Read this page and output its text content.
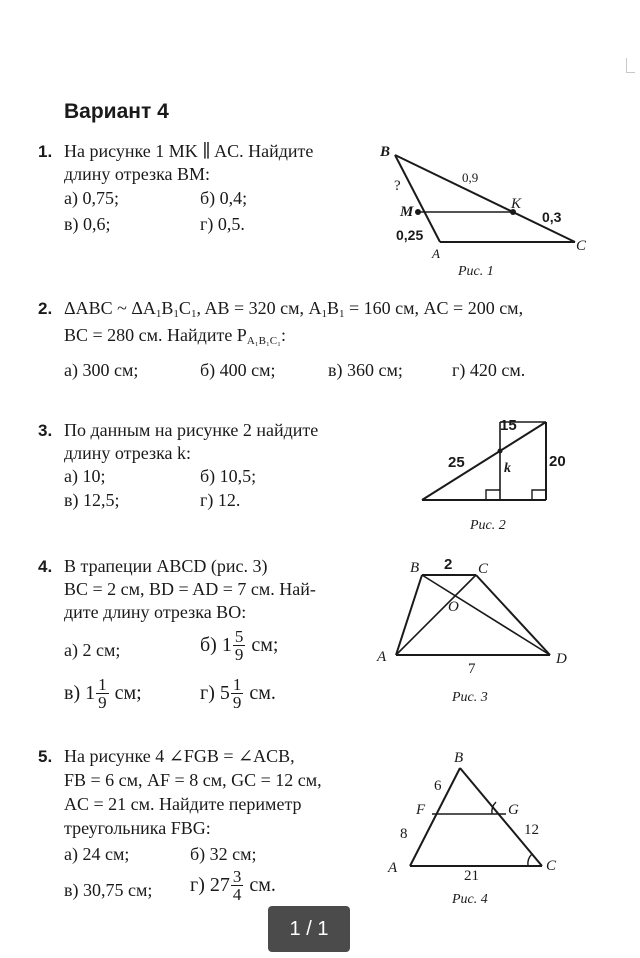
Вариант 4
1. На рисунке 1 MK ∥ AC. Найдите
длину отрезка BM:
а) 0,75;	б) 0,4;
в) 0,6;	г) 0,5.
B
?
M
0,25
A
0,9
K
0,3
C
Рис. 1
2. ΔABC ~ $\Delta A_1B_1C_1$, AB = 320 см, $A_1B_1 = 160$ см, AC = 200 см,
BC = 280 см. Найдите $P_{A_1B_1C_1}$:
а) 300 см;	б) 400 см;	в) 360 см;	г) 420 см.
3. По данным на рисунке 2 найдите
длину отрезка k:
а) 10;	б) 10,5;
в) 12,5;	г) 12.
15
25	k	20
Рис. 2
4. В трапеции ABCD (рис. 3)
BC = 2 см, BD = AD = 7 см. Най-
дите длину отрезка BO:
а) 2 см;	б) $1 \frac{5}{9}$ см;
в) $1 \frac{1}{9}$ см;	г) $5 \frac{1}{9}$ см.
B 2 C
O
A
7
D
Рис. 3
5. На рисунке 4 ∠FGB = ∠ACB,
FB = 6 см, AF = 8 см, GC = 12 см,
AC = 21 см. Найдите периметр
треугольника FBG:
а) 24 см;	б) 32 см;
в) 30,75 см; г) $27 \frac{3}{4}$ см.
B
6
F	G
8	12
A	21
C
Рис. 4
1 / 1
